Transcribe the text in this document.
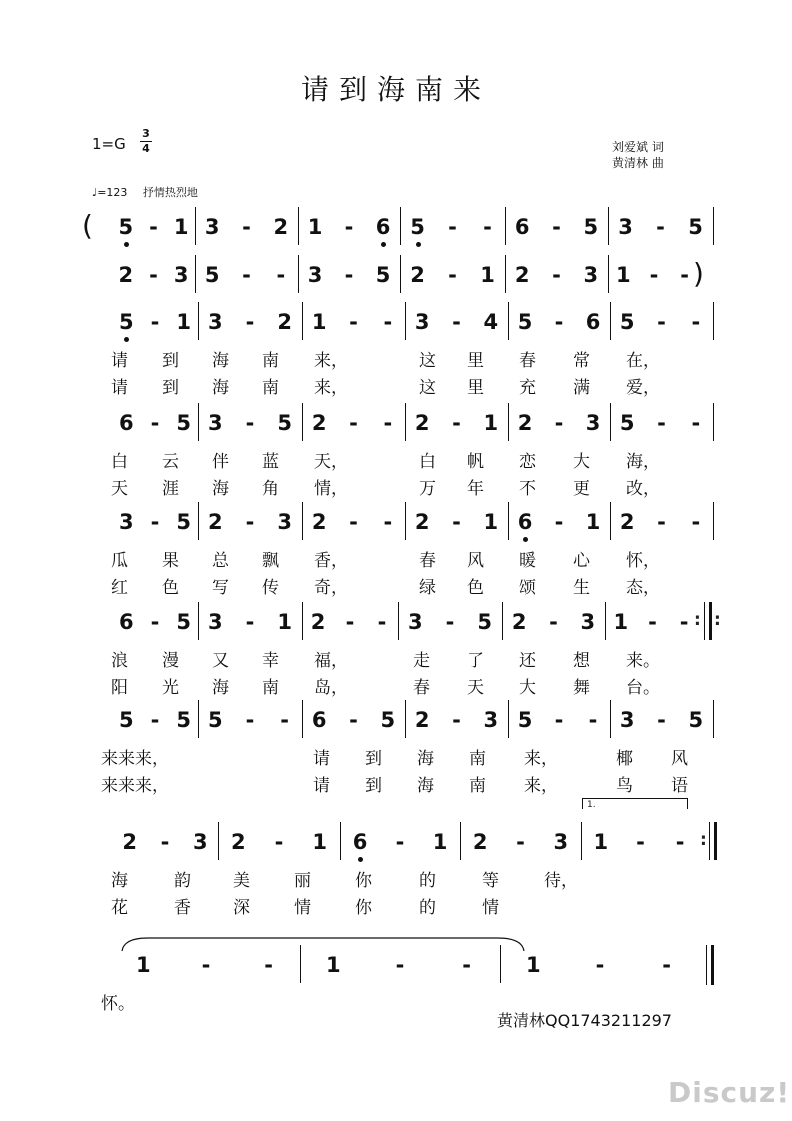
请到海南来
1=G
3
4	刘爱斌 词
黄清林 曲
♩=123 抒情热烈地
( 5 - 1 3	-	2 1	-	6 5	-	-	6	-	5 3	-	5
)
2 - 3 5	-	-	3	-	5 2	-	1 2	-	3 1 -	-
5 - 1 3	-	2 1	-	-	3	-	4 5	-	6 5	-	-
请 到 海 南 来，	这 里 春 常 在，
请 到 海 南 来，	这 里 充 满 爱，
6 - 5 3	-	5 2	-	-	2	-	1 2	-	3 5	-	-
白 云 伴 蓝 天，	白 帆 恋 大 海，
天 涯 海 角 情，	万 年 不 更 改，
3 - 5 2	-	3 2	-	-	2	-	1 6	-	1 2	-	-
瓜 果 总 飘 香，	春 风 暖 心 怀，
红 色 写 传 奇，	绿 色 颂 生 态，
: :
6 - 5 3	-	1 2 -	-	3	-	5 2	-	3 1 -	-
浪 漫 又 幸 福，	走 了 还 想 来。
阳 光 海 南 岛，	春 天 大 舞 台。
5 - 5 5	-	-	6	-	5 2	-	3 5	-	-	3	-	5
来来来，	请 到 海 南 来，	椰 风
来来来，	请 到 海 南 来，	鸟 语
:
2	-	3 2	-	1 6	-	1 2	-	3 1	-	-
海	韵 美	丽	你	的	等	待，
花	香 深	情	你	的	情
1	-	-	1	-	-	1	-	-
怀。
1.
黄清林QQ1743211297
Discuz!
